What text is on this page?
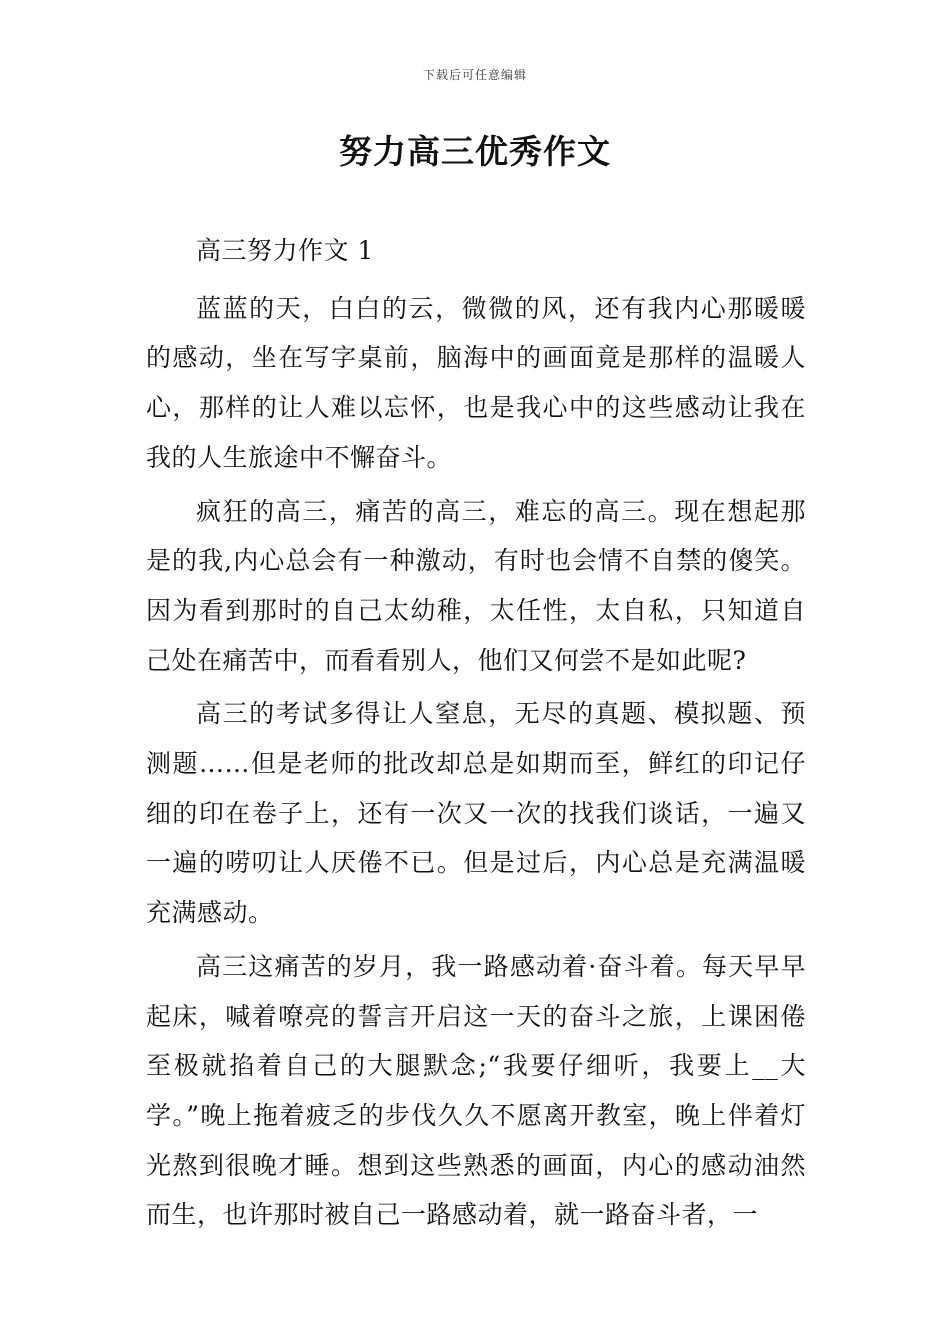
下载后可任意编辑
努力高三优秀作文

高三努力作文 1

蓝蓝的天，白白的云，微微的风，还有我内心那暖暖的感动，坐在写字桌前，脑海中的画面竟是那样的温暖人心，那样的让人难以忘怀，也是我心中的这些感动让我在我的人生旅途中不懈奋斗。

疯狂的高三，痛苦的高三，难忘的高三。现在想起那是的我,内心总会有一种激动，有时也会情不自禁的傻笑。因为看到那时的自己太幼稚，太任性，太自私，只知道自己处在痛苦中，而看看别人，他们又何尝不是如此呢?

高三的考试多得让人窒息，无尽的真题、模拟题、预测题……但是老师的批改却总是如期而至，鲜红的印记仔细的印在卷子上，还有一次又一次的找我们谈话，一遍又一遍的唠叨让人厌倦不已。但是过后，内心总是充满温暖充满感动。

高三这痛苦的岁月，我一路感动着·奋斗着。每天早早起床，喊着嘹亮的誓言开启这一天的奋斗之旅，上课困倦至极就掐着自己的大腿默念;“我要仔细听，我要上__大学。”晚上拖着疲乏的步伐久久不愿离开教室，晚上伴着灯光熬到很晚才睡。想到这些熟悉的画面，内心的感动油然而生，也许那时被自己一路感动着，就一路奋斗者，一
